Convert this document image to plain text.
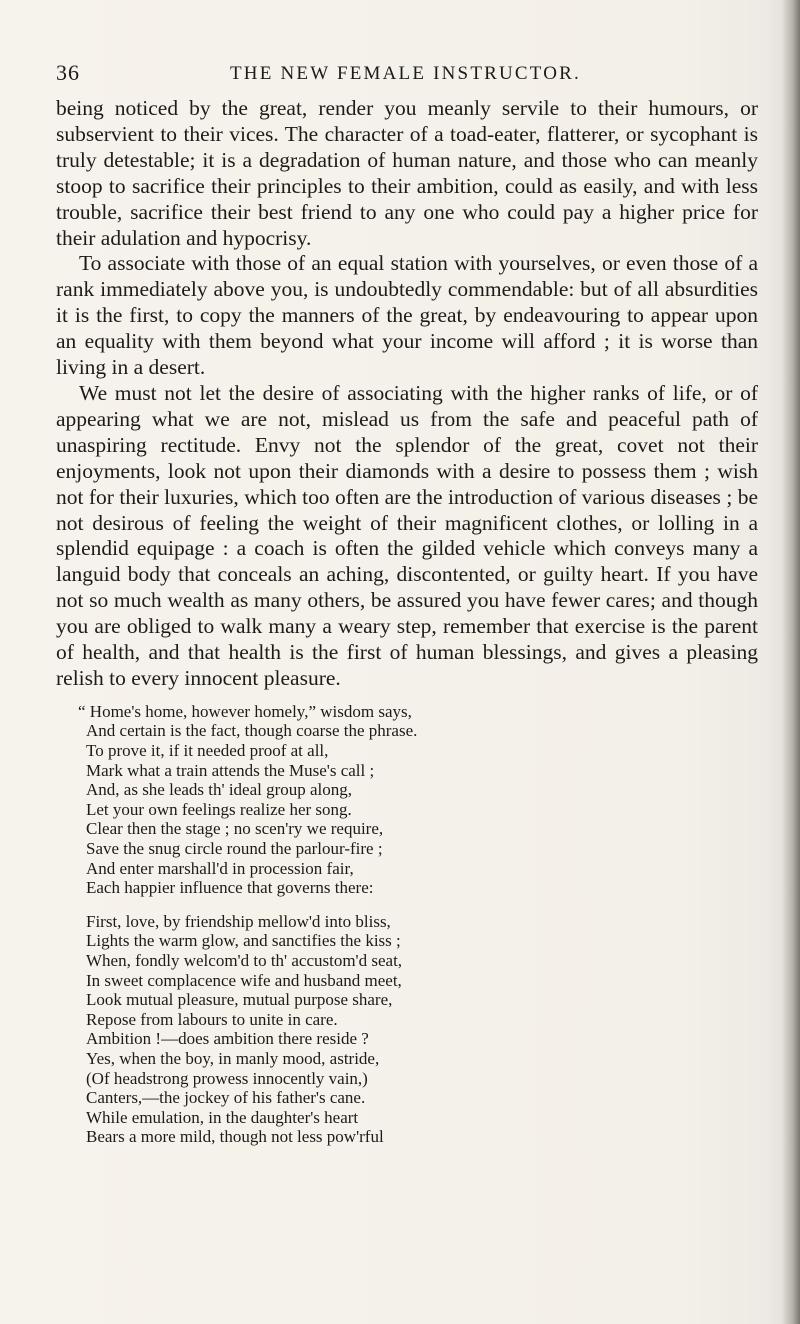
36	THE NEW FEMALE INSTRUCTOR.

being noticed by the great, render you meanly servile to their humours, or subservient to their vices. The character of a toad-eater, flatterer, or sycophant is truly detestable; it is a degradation of human nature, and those who can meanly stoop to sacrifice their principles to their ambition, could as easily, and with less trouble, sacrifice their best friend to any one who could pay a higher price for their adulation and hypocrisy.

To associate with those of an equal station with yourselves, or even those of a rank immediately above you, is undoubtedly commendable: but of all absurdities it is the first, to copy the manners of the great, by endeavouring to appear upon an equality with them beyond what your income will afford ; it is worse than living in a desert.

We must not let the desire of associating with the higher ranks of life, or of appearing what we are not, mislead us from the safe and peaceful path of unaspiring rectitude. Envy not the splendor of the great, covet not their enjoyments, look not upon their diamonds with a desire to possess them ; wish not for their luxuries, which too often are the introduction of various diseases ; be not desirous of feeling the weight of their magnificent clothes, or lolling in a splendid equipage : a coach is often the gilded vehicle which conveys many a languid body that conceals an aching, discontented, or guilty heart. If you have not so much wealth as many others, be assured you have fewer cares; and though you are obliged to walk many a weary step, remember that exercise is the parent of health, and that health is the first of human blessings, and gives a pleasing relish to every innocent pleasure.

“ Home's home, however homely,” wisdom says,
And certain is the fact, though coarse the phrase.
To prove it, if it needed proof at all,
Mark what a train attends the Muse's call ;
And, as she leads th' ideal group along,
Let your own feelings realize her song.
Clear then the stage ; no scen'ry we require,
Save the snug circle round the parlour-fire ;
And enter marshall'd in procession fair,
Each happier influence that governs there:
First, love, by friendship mellow'd into bliss,
Lights the warm glow, and sanctifies the kiss ;
When, fondly welcom'd to th' accustom'd seat,
In sweet complacence wife and husband meet,
Look mutual pleasure, mutual purpose share,
Repose from labours to unite in care.
Ambition !—does ambition there reside ?
Yes, when the boy, in manly mood, astride,
(Of headstrong prowess innocently vain,)
Canters,—the jockey of his father's cane.
While emulation, in the daughter's heart
Bears a more mild, though not less pow'rful
